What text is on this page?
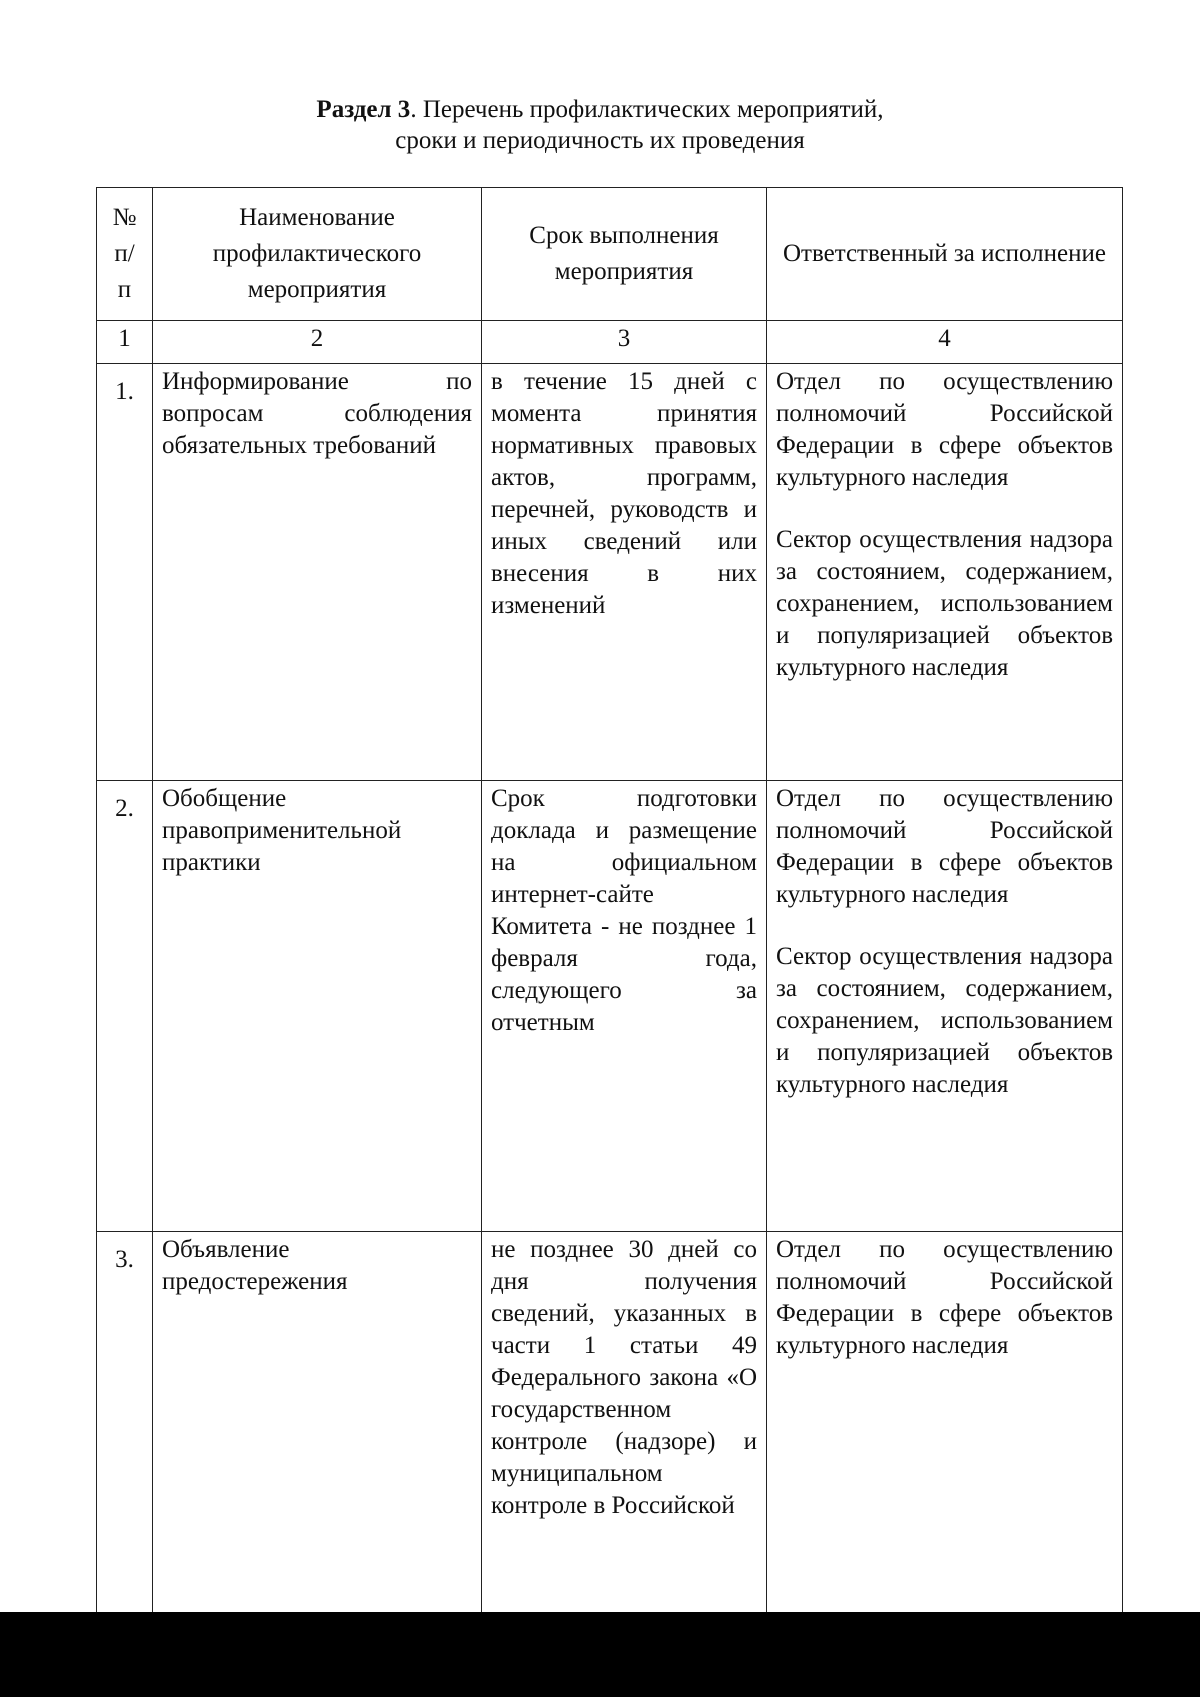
Раздел 3. Перечень профилактических мероприятий,
сроки и периодичность их проведения
№ п/ п	Наименование профилактического мероприятия	Срок выполнения мероприятия	Ответственный за исполнение
1	2	3	4
1.	Информирование по вопросам соблюдения обязательных требований	в течение 15 дней с момента принятия нормативных правовых актов, программ, перечней, руководств и иных сведений или внесения в них изменений	Отдел по осуществлению полномочий Российской Федерации в сфере объектов культурного наследия
Сектор осуществления надзора за состоянием, содержанием, сохранением, использованием и популяризацией объектов культурного наследия

2.	Обобщение правоприменительной практики	Срок подготовки доклада и размещение на официальном интернет-сайте Комитета - не позднее 1 февраля года, следующего за отчетным	Отдел по осуществлению полномочий Российской Федерации в сфере объектов культурного наследия
Сектор осуществления надзора за состоянием, содержанием, сохранением, использованием и популяризацией объектов культурного наследия

3.	Объявление предостережения	не позднее 30 дней со дня получения сведений, указанных в части 1 статьи 49 Федерального закона «О государственном контроле (надзоре) и муниципальном контроле в Российской	Отдел по осуществлению полномочий Российской Федерации в сфере объектов культурного наследия
